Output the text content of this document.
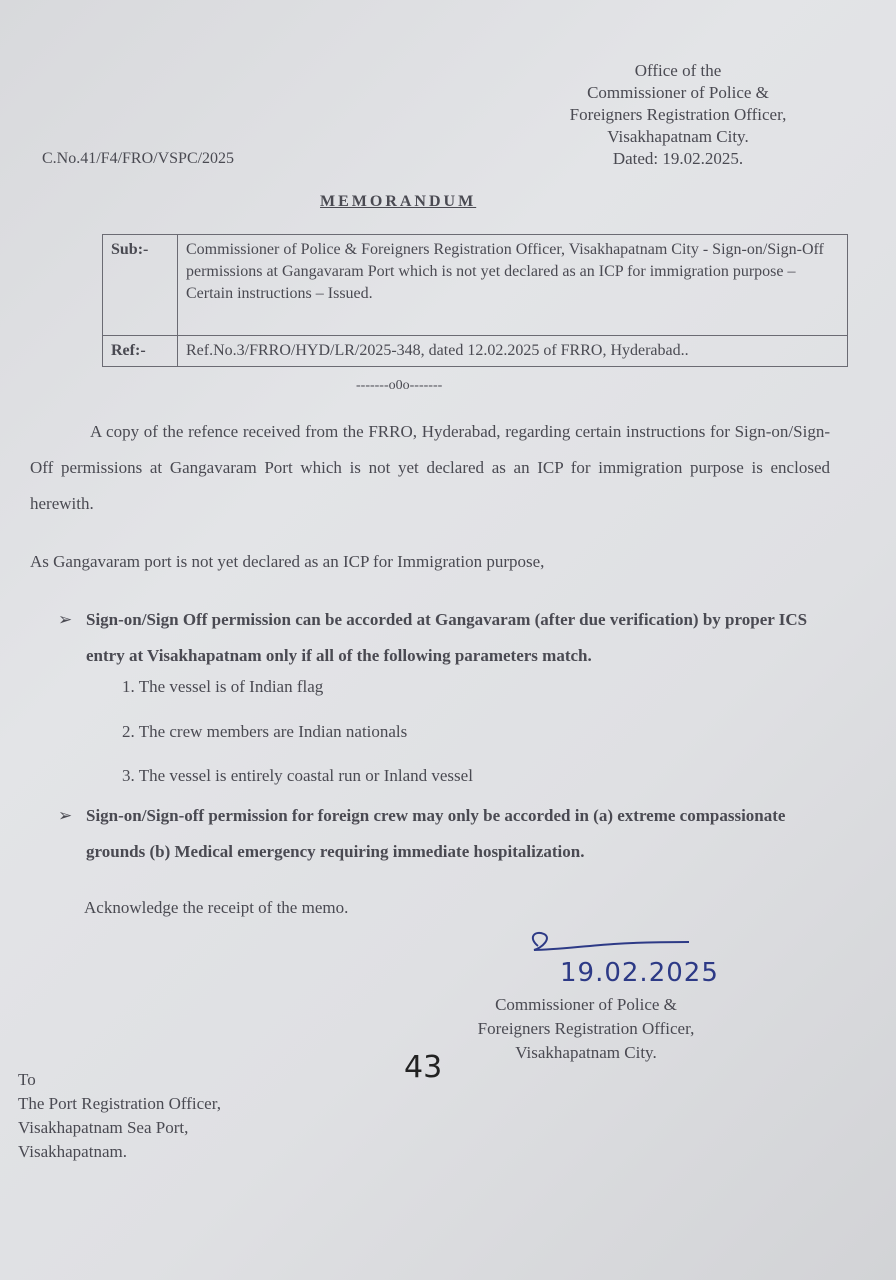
Office of the
Commissioner of Police &
Foreigners Registration Officer,
Visakhapatnam City.
Dated: 19.02.2025.
C.No.41/F4/FRO/VSPC/2025
MEMORANDUM
Sub:-	Commissioner of Police & Foreigners Registration Officer, Visakhapatnam City - Sign-on/Sign-Off permissions at Gangavaram Port which is not yet declared as an ICP for immigration purpose – Certain instructions – Issued.
Ref:-	Ref.No.3/FRRO/HYD/LR/2025-348, dated 12.02.2025 of FRRO, Hyderabad..
-------o0o-------
A copy of the refence received from the FRRO, Hyderabad, regarding certain instructions for Sign-on/Sign-Off permissions at Gangavaram Port which is not yet declared as an ICP for immigration purpose is enclosed herewith.
As Gangavaram port is not yet declared as an ICP for Immigration purpose,
➢ Sign-on/Sign Off permission can be accorded at Gangavaram (after due verification) by proper ICS entry at Visakhapatnam only if all of the following parameters match.
1. The vessel is of Indian flag
2. The crew members are Indian nationals
3. The vessel is entirely coastal run or Inland vessel
➢ Sign-on/Sign-off permission for foreign crew may only be accorded in (a) extreme compassionate grounds (b) Medical emergency requiring immediate hospitalization.
Acknowledge the receipt of the memo.
19.02.2025
Commissioner of Police &
Foreigners Registration Officer,
Visakhapatnam City.
43
To
The Port Registration Officer,
Visakhapatnam Sea Port,
Visakhapatnam.
